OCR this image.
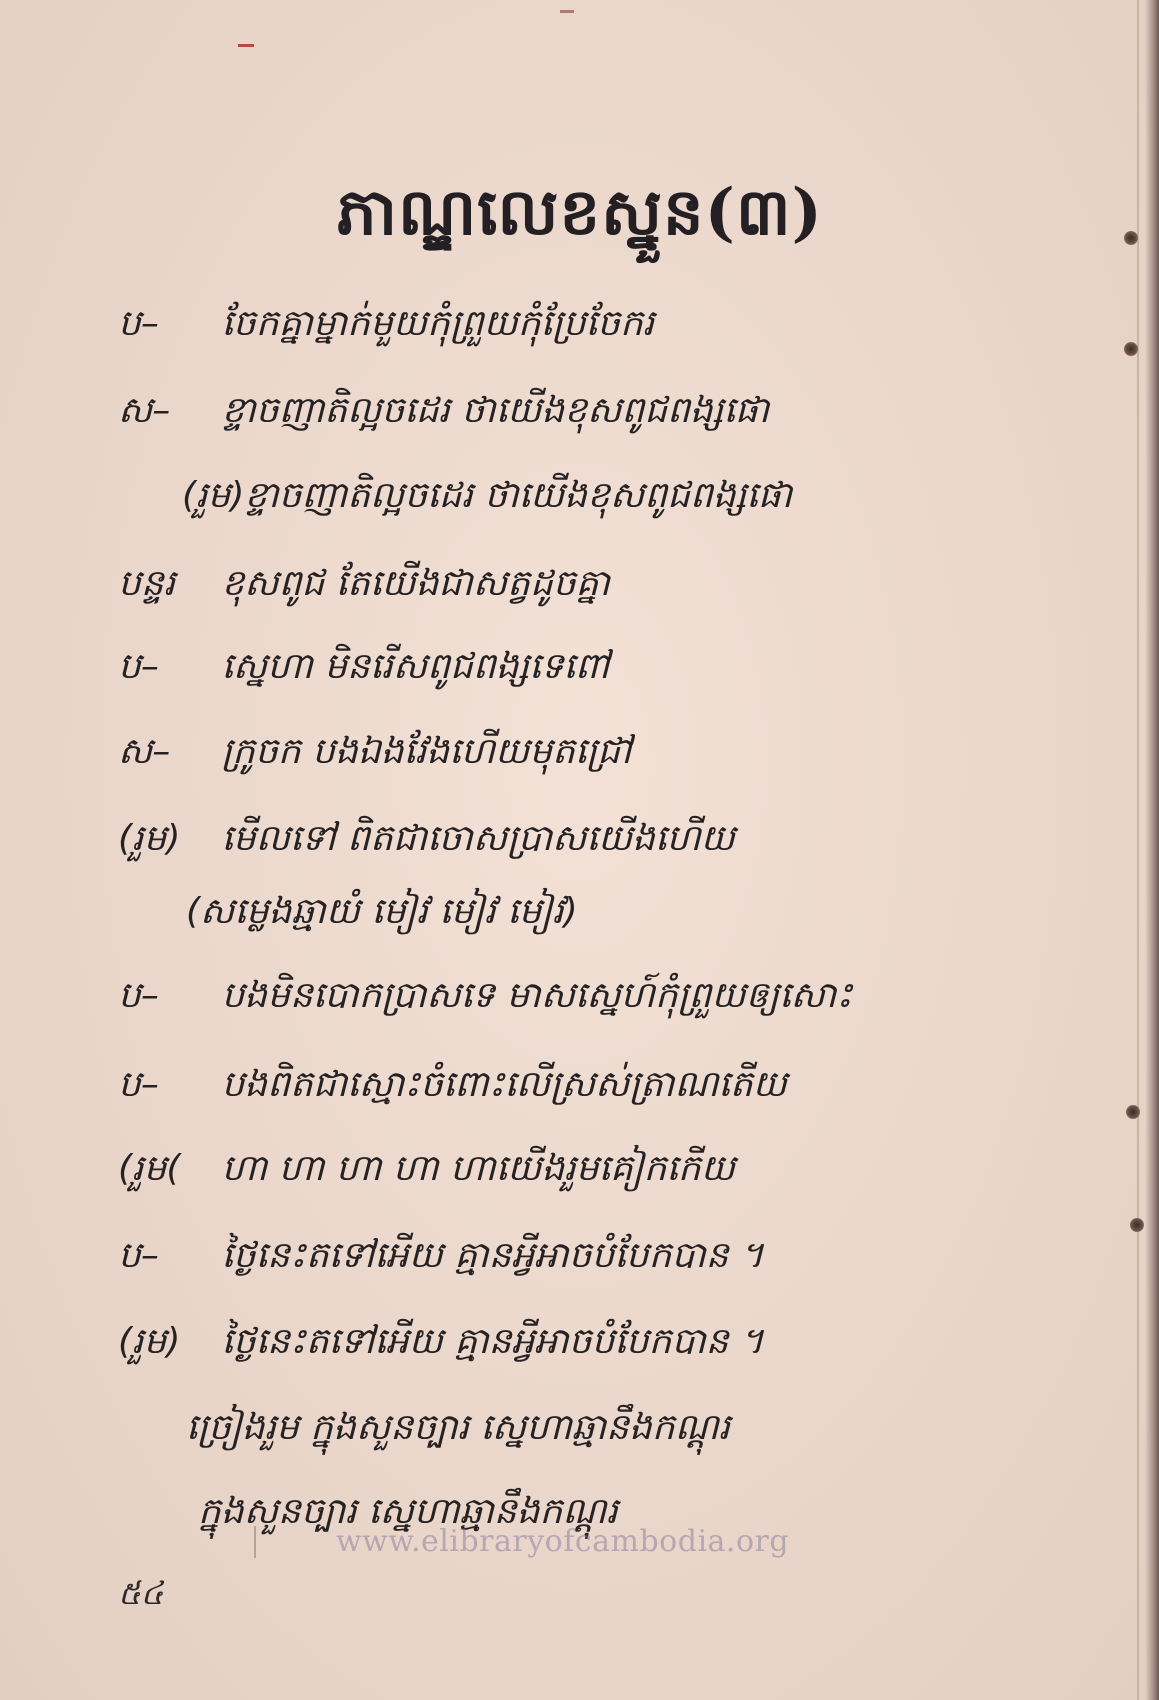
ភាណ្ឌលេខស្នួន(៣)
ប– ចែកគ្នាម្នាក់មួយកុំព្រួយកុំប្រែចែករ
ស– ខ្ទាចញាតិល្អចដេរ ថាយើងខុសពូជពង្សផោ
(រួម)ខ្ទាចញាតិល្អចដេរ ថាយើងខុសពូជពង្សផោ
បន្ទរ ខុសពូជ តែយើងជាសត្វដូចគ្នា
ប– ស្នេហា មិនរើសពូជពង្សទេពៅ
ស– ក្រូចក បងឯងវែងហើយមុតជ្រៅ
(រួម) មើលទៅ ពិតជាចោសប្រាសយើងហើយ
(សម្លេងឆ្មាយំ មៀវ មៀវ មៀវ)
ប– បងមិនបោកប្រាសទេ មាសស្នេហ៍កុំព្រួយឲ្យសោះ
ប– បងពិតជាស្មោះចំពោះលើស្រស់ត្រាណតើយ
(រួម( ហា ហា ហា ហា ហាយើងរួមគៀកកើយ
ប– ថ្ងៃនេះតទៅអើយ គ្មានអ្វីអាចបំបែកបាន ។
(រួម) ថ្ងៃនេះតទៅអើយ គ្មានអ្វីអាចបំបែកបាន ។
ច្រៀងរួម ក្នុងសួនច្បារ ស្នេហាឆ្មានឹងកណ្តុរ
ក្នុងសួនច្បារ ស្នេហាឆ្មានឹងកណ្តុរ
www.elibraryofcambodia.org
៥៤
